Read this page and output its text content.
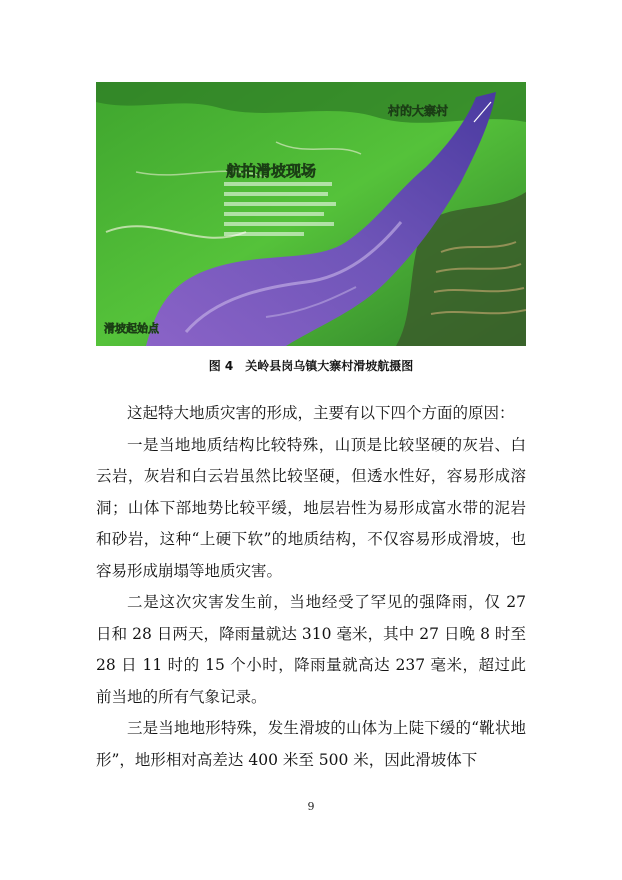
村的大寨村
航拍滑坡现场
滑坡起始点
图 4　关岭县岗乌镇大寨村滑坡航摄图

这起特大地质灾害的形成，主要有以下四个方面的原因：

一是当地地质结构比较特殊，山顶是比较坚硬的灰岩、白云岩，灰岩和白云岩虽然比较坚硬，但透水性好，容易形成溶洞；山体下部地势比较平缓，地层岩性为易形成富水带的泥岩和砂岩，这种“上硬下软”的地质结构，不仅容易形成滑坡，也容易形成崩塌等地质灾害。

二是这次灾害发生前，当地经受了罕见的强降雨，仅 27 日和 28 日两天，降雨量就达 310 毫米，其中 27 日晚 8 时至 28 日 11 时的 15 个小时，降雨量就高达 237 毫米，超过此前当地的所有气象记录。

三是当地地形特殊，发生滑坡的山体为上陡下缓的“靴状地形”，地形相对高差达 400 米至 500 米，因此滑坡体下

9
